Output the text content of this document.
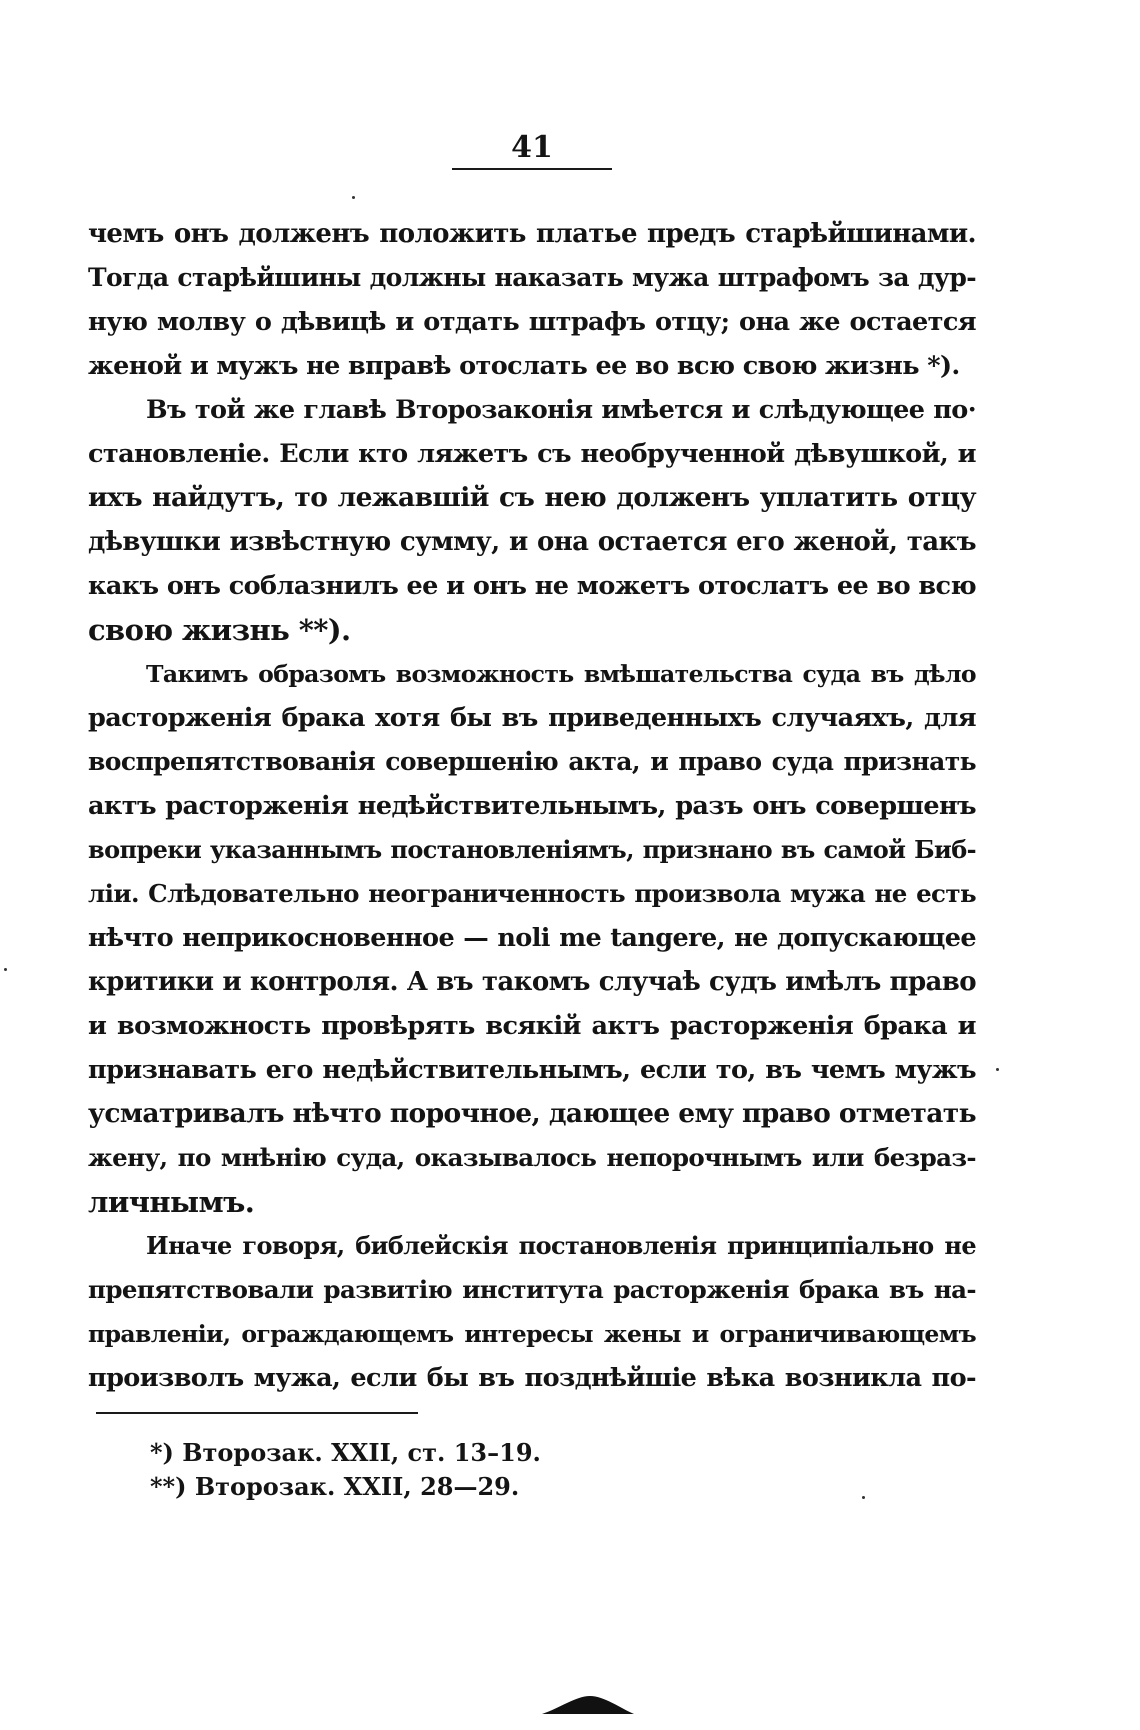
41
чемъ онъ долженъ положить платье предъ старѣйшинами.
Тогда старѣйшины должны наказать мужа штрафомъ за дур-
ную молву о дѣвицѣ и отдать штрафъ отцу; она же остается
женой и мужъ не вправѣ отослать ее во всю свою жизнь *).
Въ той же главѣ Второзаконія имѣется и слѣдующее по·
становленіе. Если кто ляжетъ съ необрученной дѣвушкой, и
ихъ найдутъ, то лежавшій съ нею долженъ уплатить отцу
дѣвушки извѣстную сумму, и она остается его женой, такъ
какъ онъ соблазнилъ ее и онъ не можетъ отослатъ ее во всю
свою жизнь **).
Такимъ образомъ возможность вмѣшательства суда въ дѣло
расторженія брака хотя бы въ приведенныхъ случаяхъ, для
воспрепятствованія совершенію акта, и право суда признать
актъ расторженія недѣйствительнымъ, разъ онъ совершенъ
вопреки указаннымъ постановленіямъ, признано въ самой Биб-
ліи. Слѣдовательно неограниченность произвола мужа не есть
нѣчто неприкосновенное — noli me tangere, не допускающее
критики и контроля. А въ такомъ случаѣ судъ имѣлъ право
и возможность провѣрять всякій актъ расторженія брака и
признавать его недѣйствительнымъ, если то, въ чемъ мужъ
усматривалъ нѣчто порочное, дающее ему право отметать
жену, по мнѣнію суда, оказывалось непорочнымъ или безраз-
личнымъ.
Иначе говоря, библейскія постановленія принципіально не
препятствовали развитію института расторженія брака въ на-
правленіи, ограждающемъ интересы жены и ограничивающемъ
произволъ мужа, если бы въ позднѣйшіе вѣка возникла по-
*) Второзак. XXII, ст. 13–19.
**) Второзак. XXII, 28—29.
